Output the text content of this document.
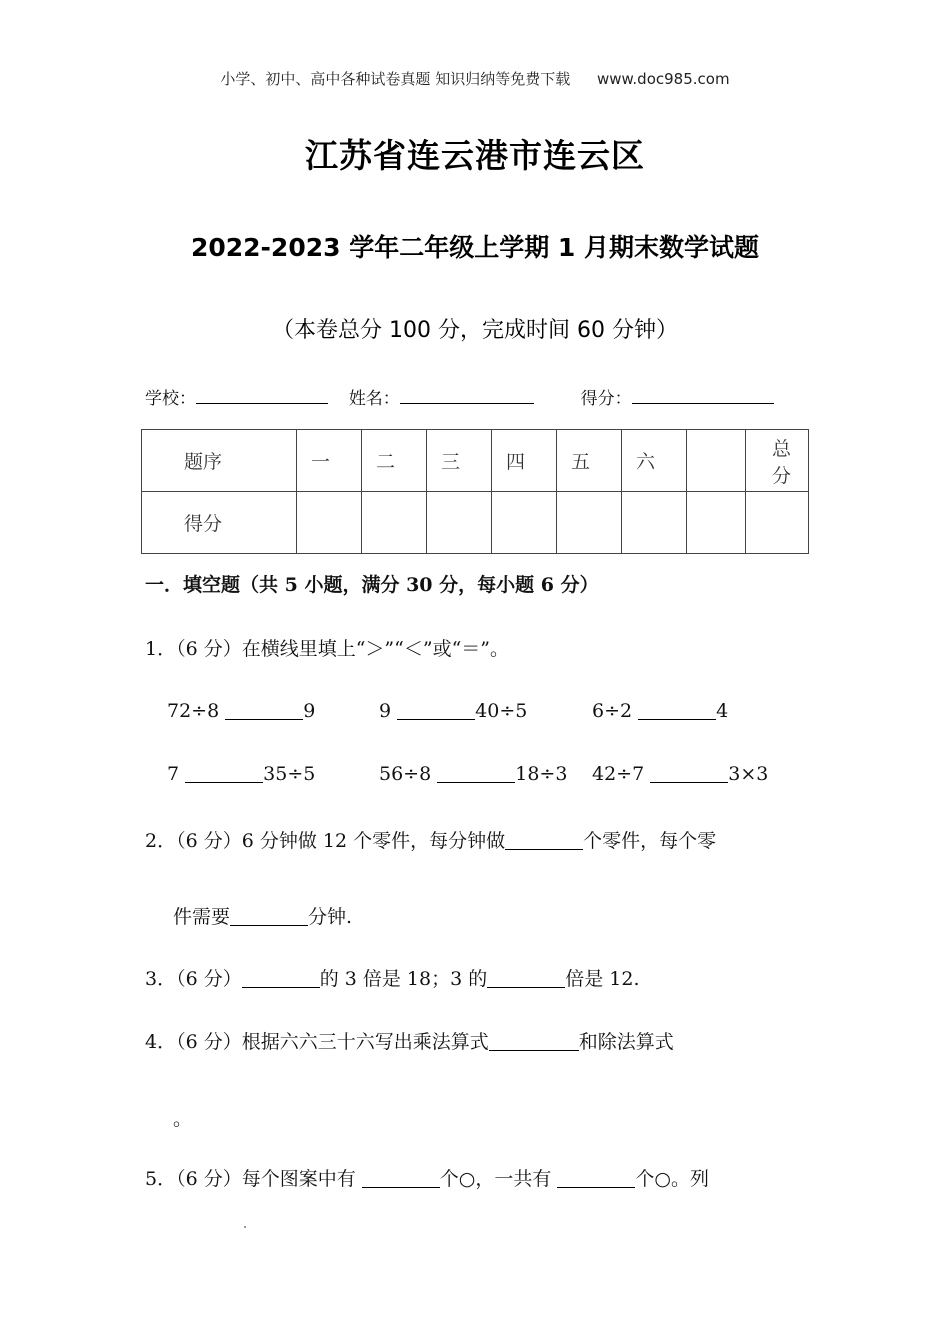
小学、初中、高中各种试卷真题 知识归纳等免费下载 www.doc985.com
江苏省连云港市连云区
2022-2023 学年二年级上学期 1 月期末数学试题
（本卷总分 100 分，完成时间 60 分钟）
学校：	姓名：	得分：
题序	一	二	三	四	五	六		总分
得分								
一．填空题（共 5 小题，满分 30 分，每小题 6 分）
1．（6 分）在横线里填上“＞”“＜”或“＝”。
72÷8	9	9	40÷5	6÷2	4
7	35÷5	56÷8	18÷3 42÷7	3×3
2．（6 分）6 分钟做 12 个零件，每分钟做	个零件，每个零
件需要	分钟.
3．（6 分）	的 3 倍是 18；3 的	倍是 12.
4．（6 分）根据六六三十六写出乘法算式	和除法算式
。
5．（6 分）每个图案中有	个○，一共有	个○。列
